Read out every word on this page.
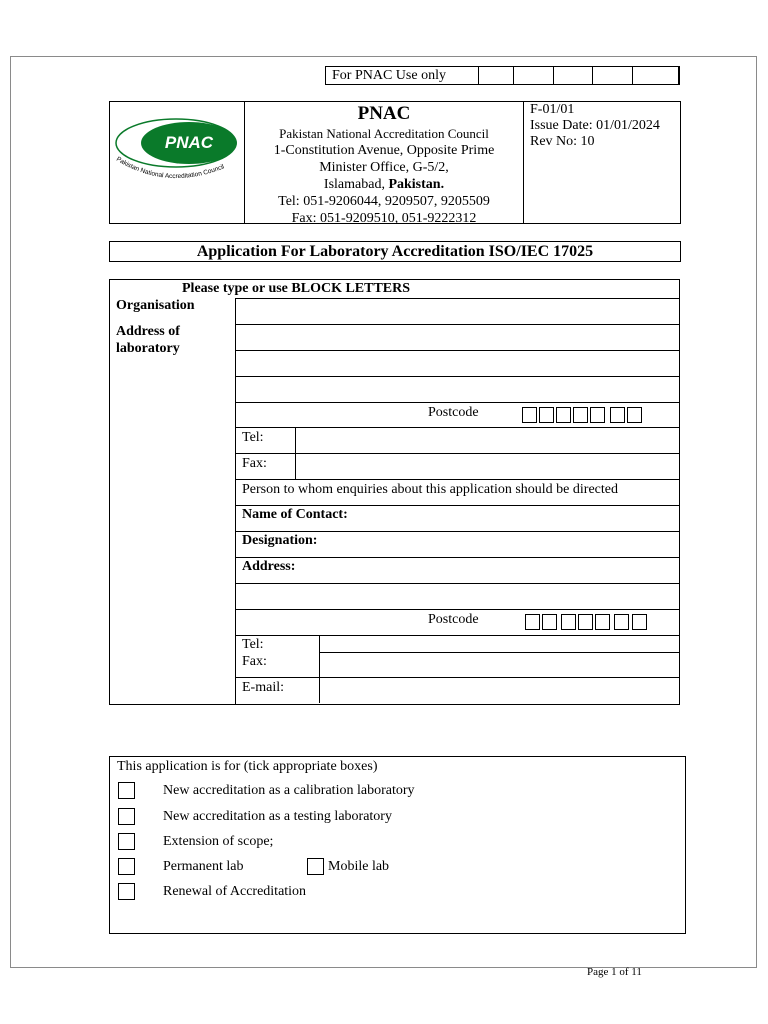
For PNAC Use only
PNAC
Pakistan National Accreditation Council
PNAC
Pakistan National Accreditation Council
1-Constitution Avenue, Opposite Prime
Minister Office, G-5/2,
Islamabad, Pakistan.
Tel: 051-9206044, 9209507, 9205509
Fax: 051-9209510, 051-9222312
F-01/01
Issue Date: 01/01/2024
Rev No: 10
Application For Laboratory Accreditation ISO/IEC 17025
Please type or use BLOCK LETTERS
Organisation
Address of
laboratory
Postcode
Tel:
Fax:
Person to whom enquiries about this application should be directed
Name of Contact:
Designation:
Address:
Postcode
Tel:
Fax:
E-mail:
This application is for (tick appropriate boxes)
New accreditation as a calibration laboratory
New accreditation as a testing laboratory
Extension of scope;
Permanent lab	Mobile lab
Renewal of Accreditation
Page 1 of 11
